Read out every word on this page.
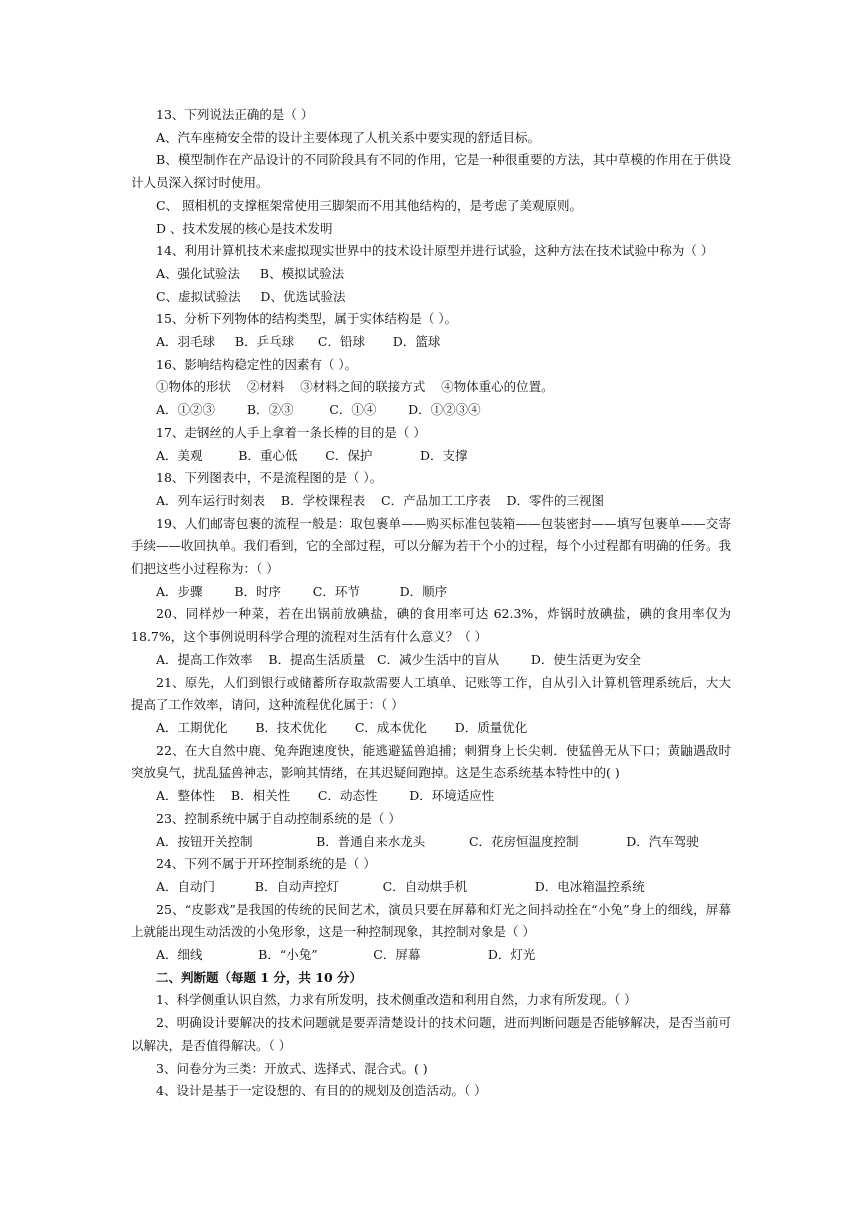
13、下列说法正确的是（ ）
A、汽车座椅安全带的设计主要体现了人机关系中要实现的舒适目标。
B、模型制作在产品设计的不同阶段具有不同的作用，它是一种很重要的方法，其中草模的作用在于供设计人员深入探讨时使用。
C、 照相机的支撑框架常使用三脚架而不用其他结构的，是考虑了美观原则。
D 、技术发展的核心是技术发明
14、利用计算机技术来虚拟现实世界中的技术设计原型并进行试验，这种方法在技术试验中称为（ ）
A、强化试验法     B、模拟试验法
C、虚拟试验法     D、优选试验法
15、分析下列物体的结构类型，属于实体结构是（ ）。
A．羽毛球     B．乒乓球      C．铅球       D．篮球
16、影响结构稳定性的因素有（ ）。
①物体的形状    ②材料    ③材料之间的联接方式    ④物体重心的位置。
A．①②③        B．②③         C．①④        D．①②③④
17、走钢丝的人手上拿着一条长棒的目的是（ ）
A．美观         B．重心低       C．保护            D．支撑
18、下列图表中，不是流程图的是（ ）。
A．列车运行时刻表    B．学校课程表    C．产品加工工序表    D．零件的三视图
19、人们邮寄包裹的流程一般是：取包裹单——购买标准包装箱——包装密封——填写包裹单——交寄手续——收回执单。我们看到，它的全部过程，可以分解为若干个小的过程，每个小过程都有明确的任务。我们把这些小过程称为：（ ）
A．步骤        B．时序        C．环节          D．顺序
20、同样炒一种菜，若在出锅前放碘盐，碘的食用率可达 62.3%，炸锅时放碘盐，碘的食用率仅为 18.7%，这个事例说明科学合理的流程对生活有什么意义？（ ）
A．提高工作效率    B．提高生活质量   C．减少生活中的盲从        D．使生活更为安全
21、原先，人们到银行或储蓄所存取款需要人工填单、记账等工作，自从引入计算机管理系统后，大大提高了工作效率，请问，这种流程优化属于：（ ）
A．工期优化       B．技术优化       C．成本优化       D．质量优化
22、在大自然中鹿、兔奔跑速度快，能逃避猛兽追捕；刺猬身上长尖刺．使猛兽无从下口；黄鼬遇敌时突放臭气，扰乱猛兽神志，影响其情绪，在其迟疑间跑掉。这是生态系统基本特性中的( )
A．整体性    B．相关性       C．动态性        D．环境适应性
23、控制系统中属于自动控制系统的是（ ）
A．按钮开关控制                B．普通自来水龙头           C．花房恒温度控制            D．汽车驾驶
24、下列不属于开环控制系统的是（ ）
A．自动门          B．自动声控灯           C．自动烘手机                 D．电冰箱温控系统
25、“皮影戏”是我国的传统的民间艺术，演员只要在屏幕和灯光之间抖动拴在“小兔”身上的细线，屏幕上就能出现生动活泼的小兔形象，这是一种控制现象，其控制对象是（ ）
A．细线              B．“小兔”              C．屏幕                 D．灯光
二、判断题（每题 1 分，共 10 分）
1、科学侧重认识自然，力求有所发明，技术侧重改造和利用自然，力求有所发现。（ ）
2、明确设计要解决的技术问题就是要弄清楚设计的技术问题，进而判断问题是否能够解决，是否当前可以解决，是否值得解决。（ ）
3、问卷分为三类：开放式、选择式、混合式。( )
4、设计是基于一定设想的、有目的的规划及创造活动。（ ）
